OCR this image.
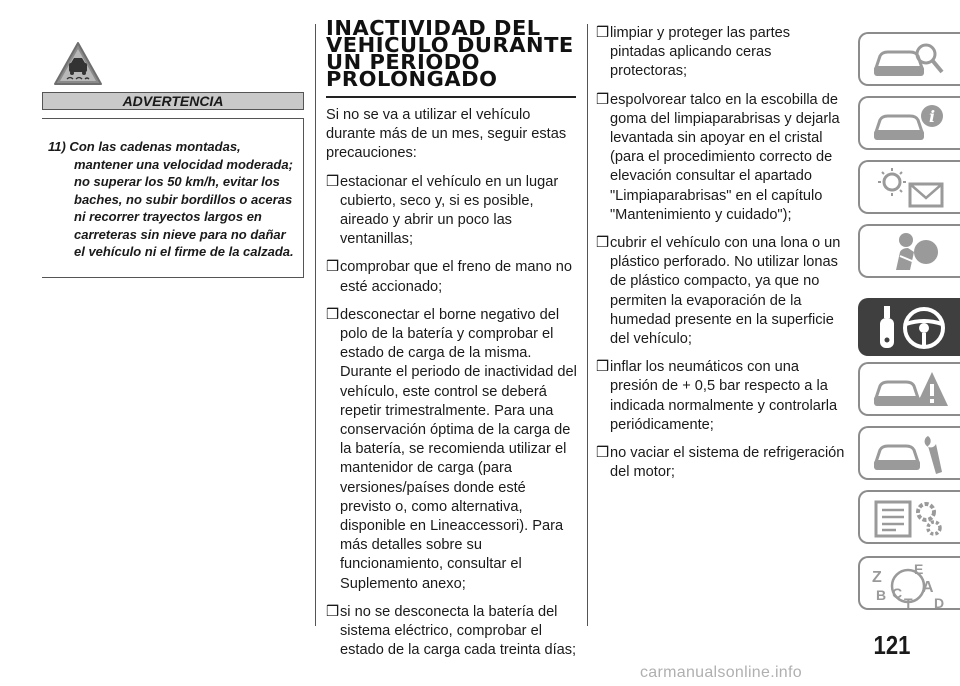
ADVERTENCIA
11) Con las cadenas montadas, mantener una velocidad moderada; no superar los 50 km/h, evitar los baches, no subir bordillos o aceras ni recorrer trayectos largos en carreteras sin nieve para no dañar el vehículo ni el firme de la calzada.
INACTIVIDAD DEL VEHÍCULO DURANTE UN PERIODO PROLONGADO

Si no se va a utilizar el vehículo durante más de un mes, seguir estas precauciones:

❒estacionar el vehículo en un lugar cubierto, seco y, si es posible, aireado y abrir un poco las ventanillas;
❒comprobar que el freno de mano no esté accionado;
❒desconectar el borne negativo del polo de la batería y comprobar el estado de carga de la misma. Durante el periodo de inactividad del vehículo, este control se deberá repetir trimestralmente. Para una conservación óptima de la carga de la batería, se recomienda utilizar el mantenidor de carga (para versiones/países donde esté previsto o, como alternativa, disponible en Lineaccessori). Para más detalles sobre su funcionamiento, consultar el Suplemento anexo;
❒si no se desconecta la batería del sistema eléctrico, comprobar el estado de la carga cada treinta días;
❒limpiar y proteger las partes pintadas aplicando ceras protectoras;
❒espolvorear talco en la escobilla de goma del limpiaparabrisas y dejarla levantada sin apoyar en el cristal (para el procedimiento correcto de elevación consultar el apartado "Limpiaparabrisas" en el capítulo "Mantenimiento y cuidado");
❒cubrir el vehículo con una lona o un plástico perforado. No utilizar lonas de plástico compacto, ya que no permiten la evaporación de la humedad presente en la superficie del vehículo;
❒inflar los neumáticos con una presión de + 0,5 bar respecto a la indicada normalmente y controlarla periódicamente;
❒no vaciar el sistema de refrigeración del motor;
i
Z E
A
B C
T D
121
carmanualsonline.info
